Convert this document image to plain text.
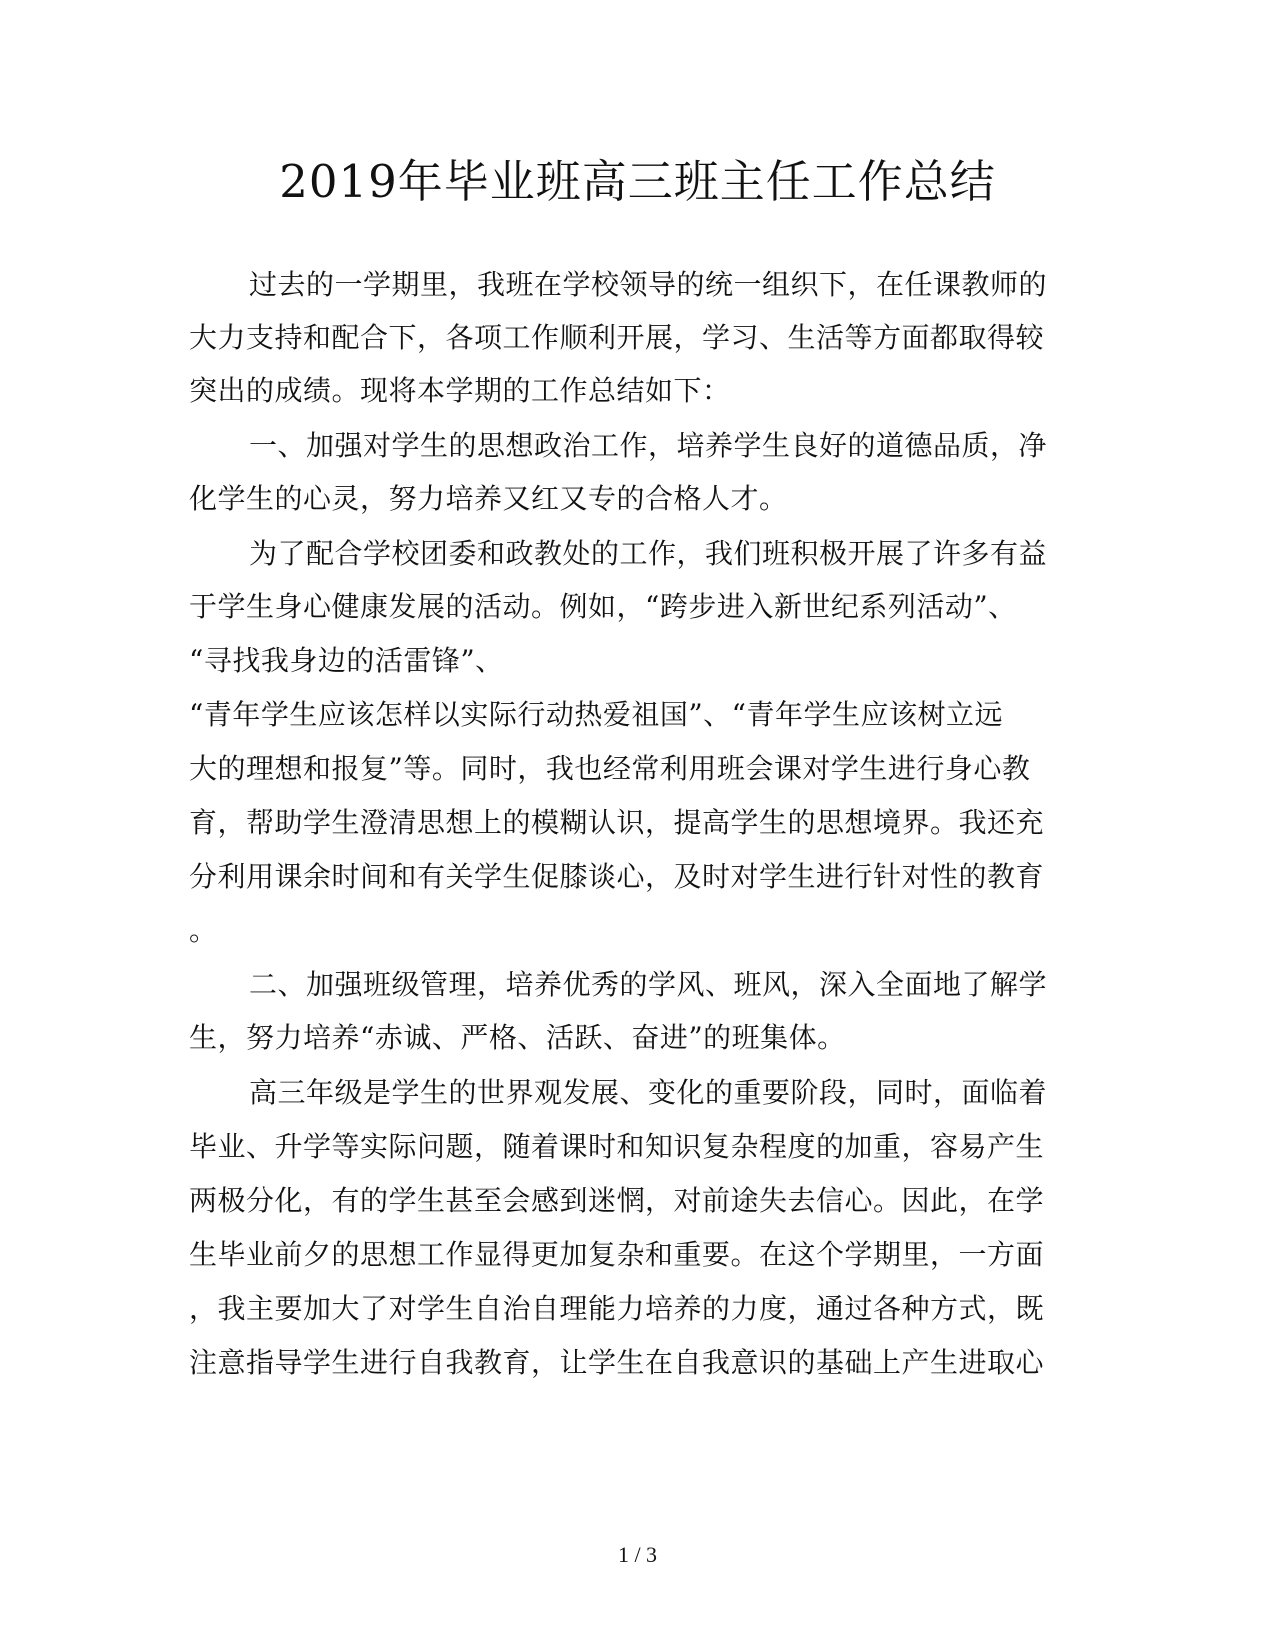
2019年毕业班高三班主任工作总结
过去的一学期里，我班在学校领导的统一组织下，在任课教师的
大力支持和配合下，各项工作顺利开展，学习、生活等方面都取得较
突出的成绩。现将本学期的工作总结如下：
一、加强对学生的思想政治工作，培养学生良好的道德品质，净
化学生的心灵，努力培养又红又专的合格人才。
为了配合学校团委和政教处的工作，我们班积极开展了许多有益
于学生身心健康发展的活动。例如，“跨步进入新世纪系列活动”、
“寻找我身边的活雷锋”、
“青年学生应该怎样以实际行动热爱祖国”、“青年学生应该树立远
大的理想和报复”等。同时，我也经常利用班会课对学生进行身心教
育，帮助学生澄清思想上的模糊认识，提高学生的思想境界。我还充
分利用课余时间和有关学生促膝谈心，及时对学生进行针对性的教育
。
二、加强班级管理，培养优秀的学风、班风，深入全面地了解学
生，努力培养“赤诚、严格、活跃、奋进”的班集体。
高三年级是学生的世界观发展、变化的重要阶段，同时，面临着
毕业、升学等实际问题，随着课时和知识复杂程度的加重，容易产生
两极分化，有的学生甚至会感到迷惘，对前途失去信心。因此，在学
生毕业前夕的思想工作显得更加复杂和重要。在这个学期里，一方面
，我主要加大了对学生自治自理能力培养的力度，通过各种方式，既
注意指导学生进行自我教育，让学生在自我意识的基础上产生进取心
1 / 3
